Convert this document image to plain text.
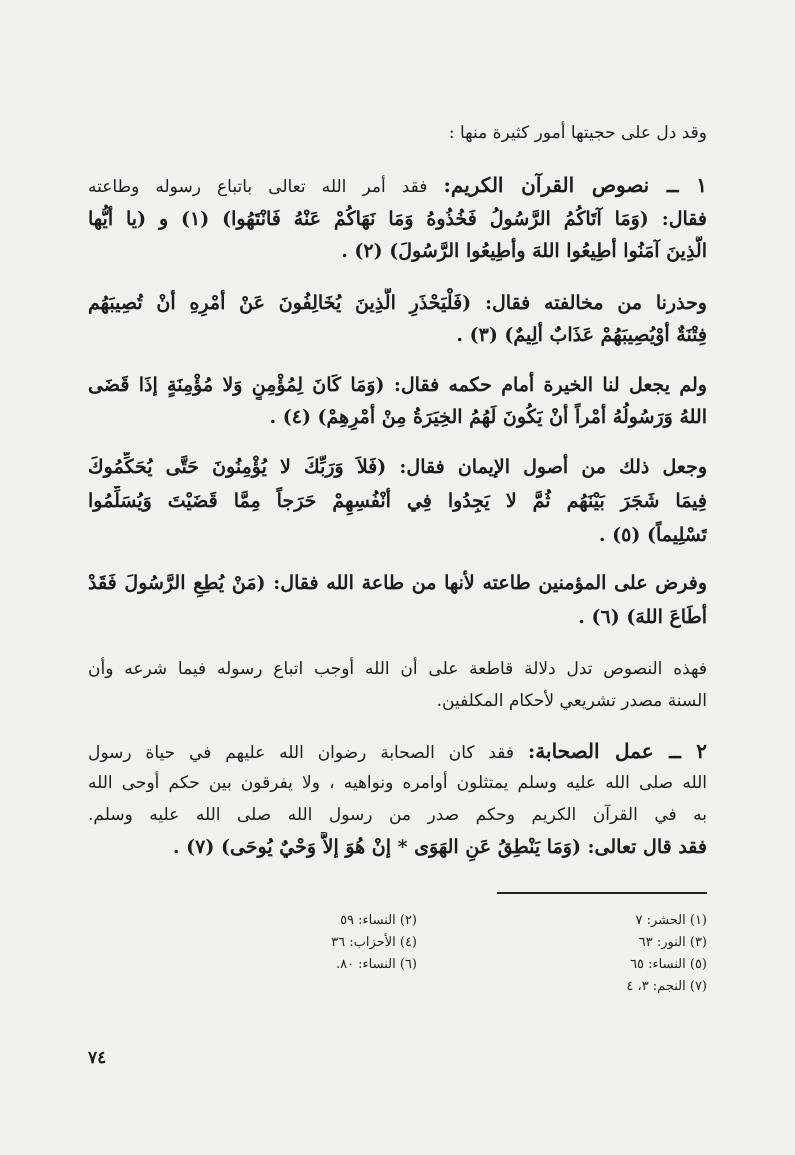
وقد دل على حجيتها أمور كثيرة منها :
١ ــ نصوص القرآن الكريم: فقد أمر الله تعالى باتباع رسوله وطاعته
فقال: (وَمَا آتَاكُمُ الرَّسُولُ فَخُذُوهُ وَمَا نَهَاكُمْ عَنْهُ فَانْتَهُوا) (١) و (يا أيُّها
الَّذِينَ آمَنُوا أطِيعُوا اللهَ وأطِيعُوا الرَّسُولَ) (٢) .
وحذرنا من مخالفته فقال: (فَلْيَحْذَرِ الَّذِينَ يُخَالِفُونَ عَنْ أمْرِهِ أنْ تُصِيبَهُم
فِتْنَةٌ أوْيُصِيبَهُمْ عَذَابٌ ألِيمٌ) (٣) .
ولم يجعل لنا الخيرة أمام حكمه فقال: (وَمَا كَانَ لِمُؤْمِنٍ وَلا مُؤْمِنَةٍ إذَا قَضَى
اللهُ وَرَسُولُهُ أمْراً أنْ يَكُونَ لَهُمُ الخِيَرَةُ مِنْ أمْرِهِمْ) (٤) .
وجعل ذلك من أصول الإيمان فقال: (فَلاَ وَرَبِّكَ لا يُؤْمِنُونَ حَتَّى يُحَكِّمُوكَ
فِيمَا شَجَرَ بَيْنَهُم ثُمَّ لا يَجِدُوا فِي أنْفُسِهِمْ حَرَجاً مِمَّا قَضَيْتَ وَيُسَلِّمُوا
تَسْلِيماً) (٥) .
وفرض على المؤمنين طاعته لأنها من طاعة الله فقال: (مَنْ يُطِعِ الرَّسُولَ فَقَدْ
أطَاعَ اللهَ) (٦) .
فهذه النصوص تدل دلالة قاطعة على أن الله أوجب اتباع رسوله فيما شرعه وأن
السنة مصدر تشريعي لأحكام المكلفين.
٢ ــ عمل الصحابة: فقد كان الصحابة رضوان الله عليهم في حياة رسول
الله صلى الله عليه وسلم يمتثلون أوامره ونواهيه ، ولا يفرقون بين حكم أوحى الله
به في القرآن الكريم وحكم صدر من رسول الله صلى الله عليه وسلم.
فقد قال تعالى: (وَمَا يَنْطِقُ عَنِ الهَوَى * إنْ هُوَ إلاَّ وَحْيٌ يُوحَى) (٧) .
(١) الحشر: ٧
(٣) النور: ٦٣
(٥) النساء: ٦٥
(٧) النجم: ٣، ٤
(٢) النساء: ٥٩
(٤) الأحزاب: ٣٦
(٦) النساء: ٨٠.
٧٤
